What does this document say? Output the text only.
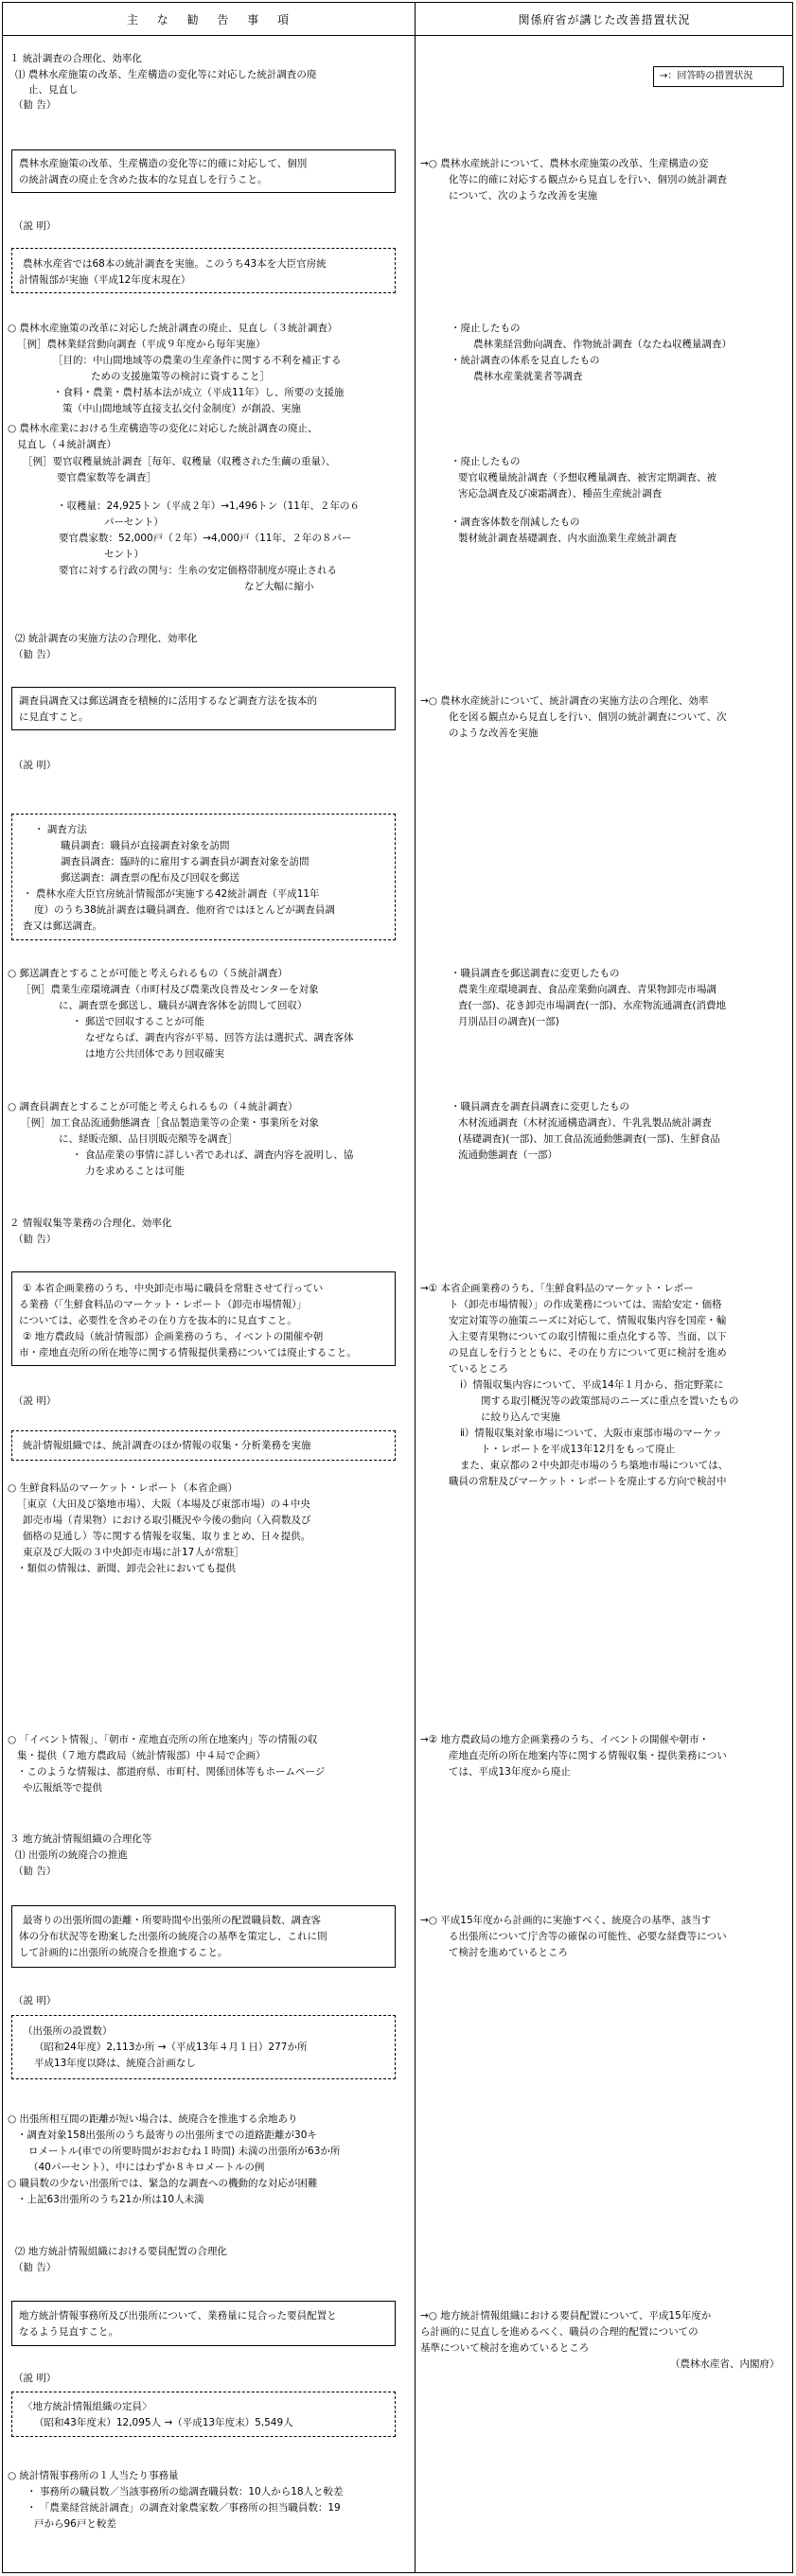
主 な 勧 告 事 項	関係府省が講じた改善措置状況
→：回答時の措置状況
１ 統計調査の合理化、効率化
⑴ 農林水産施策の改革、生産構造の変化等に対応した統計調査の廃
止、見直し
（勧 告）
農林水産施策の改革、生産構造の変化等に的確に対応して、個別
の統計調査の廃止を含めた抜本的な見直しを行うこと。
（説 明）
農林水産省では68本の統計調査を実施。このうち43本を大臣官房統
計情報部が実施（平成12年度末現在）
○ 農林水産施策の改革に対応した統計調査の廃止、見直し（３統計調査）
［例］農林業経営動向調査（平成９年度から毎年実施）
［目的：中山間地域等の農業の生産条件に関する不利を補正する
ための支援施策等の検討に資すること］
・食料・農業・農村基本法が成立（平成11年）し、所要の支援施
策（中山間地域等直接支払交付金制度）が創設、実施
○ 農林水産業における生産構造等の変化に対応した統計調査の廃止、
見直し（４統計調査）
［例］要官収穫量統計調査［毎年、収穫量（収穫された生繭の重量）、
要官農家数等を調査］
・収穫量：24,925トン（平成２年）→1,496トン（11年、２年の６
パーセント）
要官農家数：52,000戸（２年）→4,000戸（11年、２年の８パー
セント）
要官に対する行政の関与：生糸の安定価格帯制度が廃止される
など大幅に縮小
⑵ 統計調査の実施方法の合理化、効率化
（勧 告）
調査員調査又は郵送調査を積極的に活用するなど調査方法を抜本的
に見直すこと。
（説 明）
・ 調査方法
職員調査：職員が直接調査対象を訪問
調査員調査：臨時的に雇用する調査員が調査対象を訪問
郵送調査：調査票の配布及び回収を郵送
・ 農林水産大臣官房統計情報部が実施する42統計調査（平成11年
度）のうち38統計調査は職員調査、他府省ではほとんどが調査員調
査又は郵送調査。
○ 郵送調査とすることが可能と考えられるもの（５統計調査）
［例］農業生産環境調査（市町村及び農業改良普及センターを対象
に、調査票を郵送し、職員が調査客体を訪問して回収）
・ 郵送で回収することが可能
なぜならば、調査内容が平易、回答方法は選択式、調査客体
は地方公共団体であり回収確実
○ 調査員調査とすることが可能と考えられるもの（４統計調査）
［例］加工食品流通動態調査［食品製造業等の企業・事業所を対象
に、経販売額、品目別販売額等を調査］
・ 食品産業の事情に詳しい者であれば、調査内容を説明し、協
力を求めることは可能
２ 情報収集等業務の合理化、効率化
（勧 告）
① 本省企画業務のうち、中央卸売市場に職員を常駐させて行ってい
る業務（「生鮮食料品のマーケット・レポート（卸売市場情報）」
については、必要性を含めその在り方を抜本的に見直すこと。
② 地方農政局（統計情報部）企画業務のうち、イベントの開催や朝
市・産地直売所の所在地等に関する情報提供業務については廃止すること。
（説 明）
統計情報組織では、統計調査のほか情報の収集・分析業務を実施
○ 生鮮食料品のマーケット・レポート（本省企画）
［東京（大田及び築地市場）、大阪（本場及び東部市場）の４中央
卸売市場（青果物）における取引概況や今後の動向（入荷数及び
価格の見通し）等に関する情報を収集、取りまとめ、日々提供。
東京及び大阪の３中央卸売市場に計17人が常駐］
・類似の情報は、新聞、卸売会社においても提供
○ 「イベント情報」、「朝市・産地直売所の所在地案内」等の情報の収
集・提供（７地方農政局（統計情報部）中４局で企画）
・このような情報は、都道府県、市町村、関係団体等もホームページ
や広報紙等で提供
３ 地方統計情報組織の合理化等
⑴ 出張所の統廃合の推進
（勧 告）
最寄りの出張所間の距離・所要時間や出張所の配置職員数、調査客
体の分布状況等を勘案した出張所の統廃合の基準を策定し、これに則
して計画的に出張所の統廃合を推進すること。
（説 明）
（出張所の設置数）
（昭和24年度）2,113か所 →（平成13年４月１日）277か所
平成13年度以降は、統廃合計画なし
○ 出張所相互間の距離が短い場合は、統廃合を推進する余地あり
・調査対象158出張所のうち最寄りの出張所までの道路距離が30キ
ロメートル(車での所要時間がおおむね１時間) 未満の出張所が63か所
（40パーセント）、中にはわずか８キロメートルの例
○ 職員数の少ない出張所では、緊急的な調査への機動的な対応が困難
・上記63出張所のうち21か所は10人未満
⑵ 地方統計情報組織における要員配置の合理化
（勧 告）
地方統計情報事務所及び出張所について、業務量に見合った要員配置と
なるよう見直すこと。
（説 明）
〈地方統計情報組織の定員〉
（昭和43年度末）12,095人 →（平成13年度末）5,549人
○ 統計情報事務所の１人当たり事務量
・ 事務所の職員数／当該事務所の総調査職員数：10人から18人と較差
・ 「農業経営統計調査」の調査対象農家数／事務所の担当職員数：19
戸から96戸と較差
→○ 農林水産統計について、農林水産施策の改革、生産構造の変
化等に的確に対応する観点から見直しを行い、個別の統計調査
について、次のような改善を実施
・廃止したもの
農林業経営動向調査、作物統計調査（なたね収穫量調査）
・統計調査の体系を見直したもの
農林水産業就業者等調査
・廃止したもの
要官収穫量統計調査（予想収穫量調査、被害定期調査、被
害応急調査及び凍霜調査）、種苗生産統計調査
・調査客体数を削減したもの
製材統計調査基礎調査、内水面漁業生産統計調査
→○ 農林水産統計について、統計調査の実施方法の合理化、効率
化を図る観点から見直しを行い、個別の統計調査について、次
のような改善を実施
・職員調査を郵送調査に変更したもの
農業生産環境調査、食品産業動向調査、青果物卸売市場調
査(一部)、花き卸売市場調査(一部)、水産物流通調査(消費地
月別品目の調査)(一部)
・職員調査を調査員調査に変更したもの
木材流通調査（木材流通構造調査）、牛乳乳製品統計調査
(基礎調査)(一部)、加工食品流通動態調査(一部)、生鮮食品
流通動態調査（一部）
→① 本省企画業務のうち、「生鮮食料品のマーケット・レポー
ト（卸売市場情報）」の作成業務については、需給安定・価格
安定対策等の施策ニーズに対応して、情報収集内容を国産・輸
入主要青果物についての取引情報に重点化する等、当面、以下
の見直しを行うとともに、その在り方について更に検討を進め
ているところ
ⅰ）情報収集内容について、平成14年１月から、指定野菜に
関する取引概況等の政策部局のニーズに重点を置いたもの
に絞り込んで実施
ⅱ）情報収集対象市場について、大阪市東部市場のマーケッ
ト・レポートを平成13年12月をもって廃止
また、東京都の２中央卸売市場のうち築地市場については、
職員の常駐及びマーケット・レポートを廃止する方向で検討中
→② 地方農政局の地方企画業務のうち、イベントの開催や朝市・
産地直売所の所在地案内等に関する情報収集・提供業務につい
ては、平成13年度から廃止
→○ 平成15年度から計画的に実施すべく、統廃合の基準、該当す
る出張所について庁舎等の確保の可能性、必要な経費等につい
て検討を進めているところ
→○ 地方統計情報組織における要員配置について、平成15年度か
ら計画的に見直しを進めるべく、職員の合理的配置についての
基準について検討を進めているところ
（農林水産省、内閣府）
